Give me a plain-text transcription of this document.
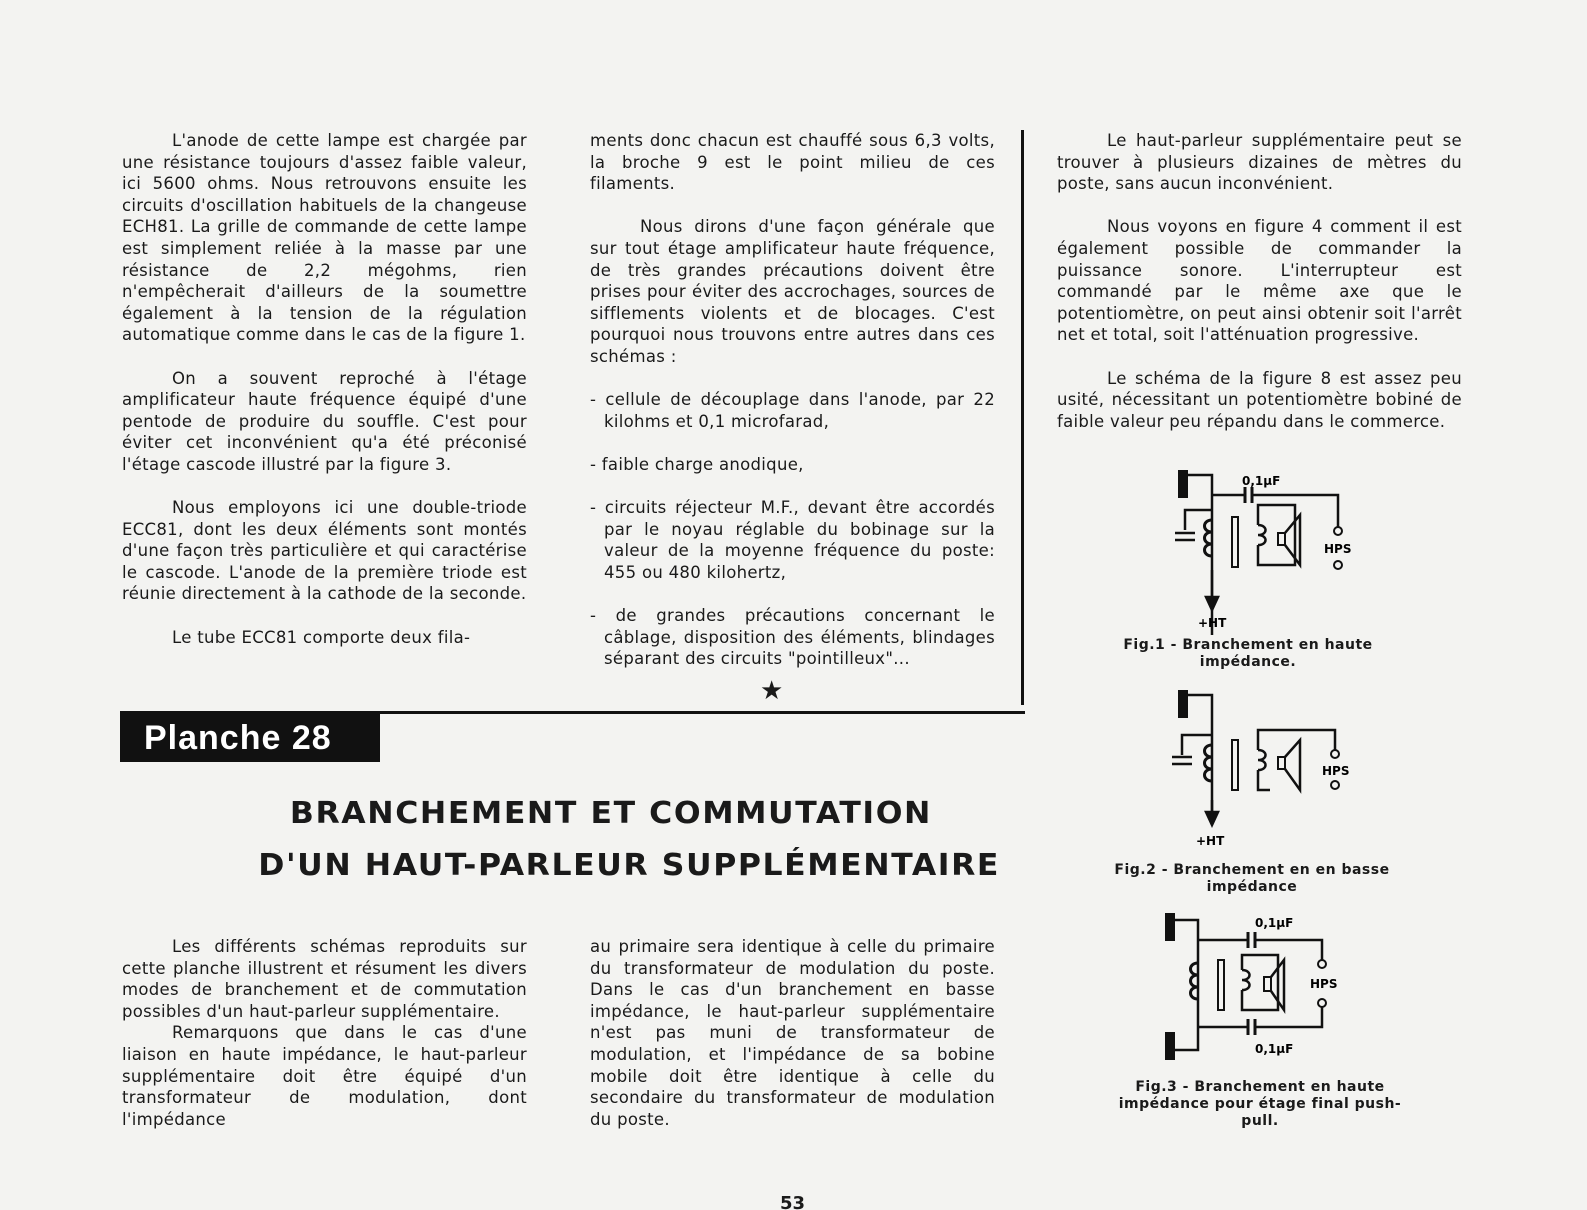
L'anode de cette lampe est chargée par une résistance toujours d'assez faible valeur, ici 5600 ohms. Nous retrouvons ensuite les circuits d'oscillation habituels de la changeuse ECH81. La grille de commande de cette lampe est simplement reliée à la masse par une résistance de 2,2 mégohms, rien n'empêcherait d'ailleurs de la soumettre également à la tension de la régulation automatique comme dans le cas de la figure 1.

On a souvent reproché à l'étage amplificateur haute fréquence équipé d'une pentode de produire du souffle. C'est pour éviter cet inconvénient qu'a été préconisé l'étage cascode illustré par la figure 3.

Nous employons ici une double-triode ECC81, dont les deux éléments sont montés d'une façon très particulière et qui caractérise le cascode. L'anode de la première triode est réunie directement à la cathode de la seconde.

Le tube ECC81 comporte deux fila-

ments donc chacun est chauffé sous 6,3 volts, la broche 9 est le point milieu de ces filaments.

Nous dirons d'une façon générale que sur tout étage amplificateur haute fréquence, de très grandes précautions doivent être prises pour éviter des accrochages, sources de sifflements violents et de blocages. C'est pourquoi nous trouvons entre autres dans ces schémas :

- cellule de découplage dans l'anode, par 22 kilohms et 0,1 microfarad,

- faible charge anodique,

- circuits réjecteur M.F., devant être accordés par le noyau réglable du bobinage sur la valeur de la moyenne fréquence du poste: 455 ou 480 kilohertz,

- de grandes précautions concernant le câblage, disposition des éléments, blindages séparant des circuits "pointilleux"...

★

Le haut-parleur supplémentaire peut se trouver à plusieurs dizaines de mètres du poste, sans aucun inconvénient.

Nous voyons en figure 4 comment il est également possible de commander la puissance sonore. L'interrupteur est commandé par le même axe que le potentiomètre, on peut ainsi obtenir soit l'arrêt net et total, soit l'atténuation progressive.

Le schéma de la figure 8 est assez peu usité, nécessitant un potentiomètre bobiné de faible valeur peu répandu dans le commerce.

Planche 28
BRANCHEMENT ET COMMUTATION
D'UN HAUT-PARLEUR SUPPLÉMENTAIRE

Les différents schémas reproduits sur cette planche illustrent et résument les divers modes de branchement et de commutation possibles d'un haut-parleur supplémentaire.

Remarquons que dans le cas d'une liaison en haute impédance, le haut-parleur supplémentaire doit être équipé d'un transformateur de modulation, dont l'impédance

au primaire sera identique à celle du primaire du transformateur de modulation du poste. Dans le cas d'un branchement en basse impédance, le haut-parleur supplémentaire n'est pas muni de transformateur de modulation, et l'impédance de sa bobine mobile doit être identique à celle du secondaire du transformateur de modulation du poste.

0,1µF
HPS
+HT
Fig.1 - Branchement en haute impédance.
HPS
+HT
Fig.2 - Branchement en en basse impédance
0,1µF
0,1µF
HPS
Fig.3 - Branchement en haute impédance pour étage final push-pull.
53
